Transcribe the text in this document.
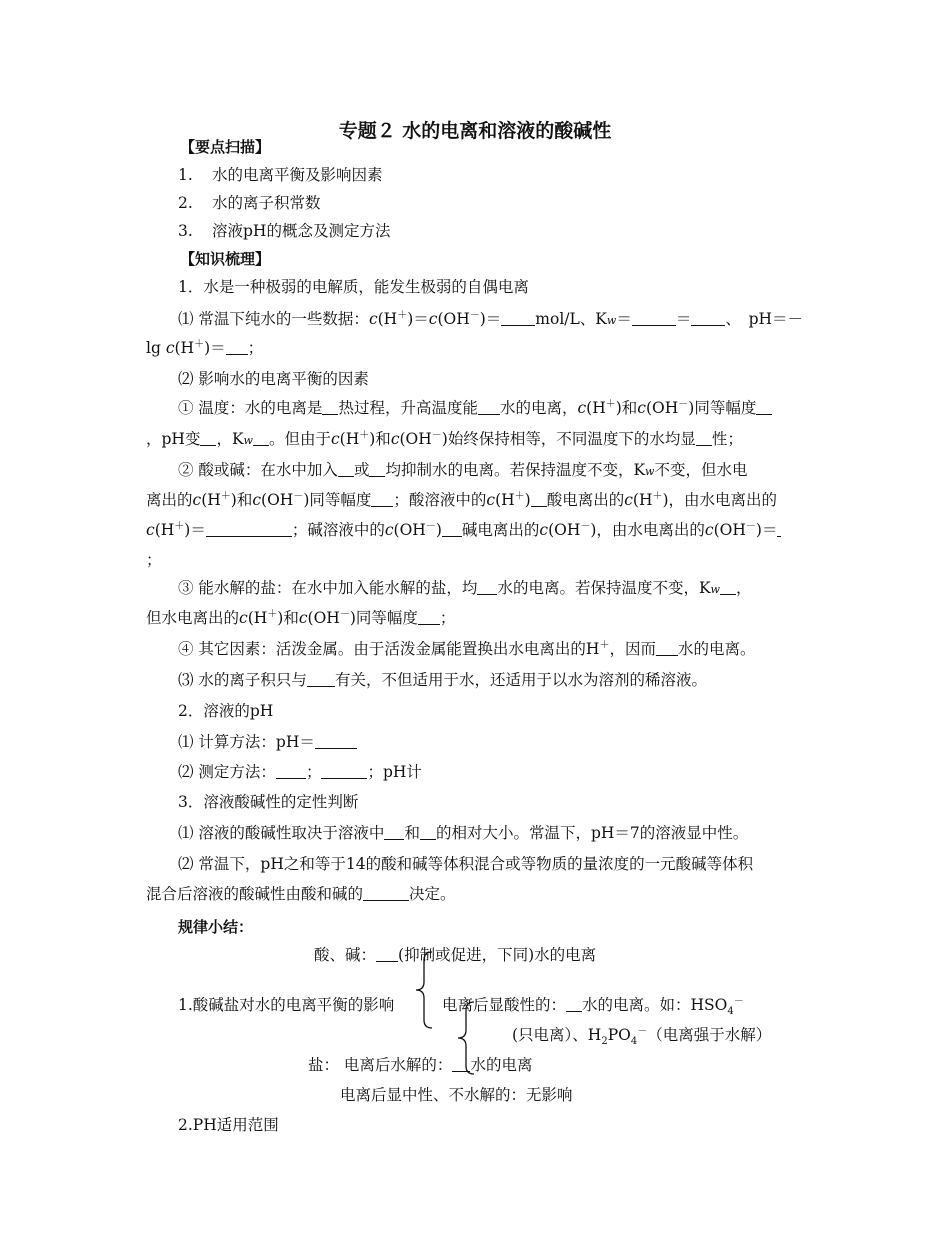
专题２ 水的电离和溶液的酸碱性
【要点扫描】
1. 水的电离平衡及影响因素
2. 水的离子积常数
3. 溶液pH的概念及测定方法
【知识梳理】
1．水是一种极弱的电解质，能发生极弱的自偶电离
⑴ 常温下纯水的一些数据：c(H＋)＝c(OH－)＝ mol/L、Kw＝	＝ 、　pH＝－
lg c(H＋)＝ ；
⑵ 影响水的电离平衡的因素
① 温度：水的电离是 热过程，升高温度能 水的电离，c(H＋)和c(OH－)同等幅度
，pH变 ，Kw 。但由于c(H＋)和c(OH－)始终保持相等，不同温度下的水均显 性；
② 酸或碱：在水中加入 或 均抑制水的电离。若保持温度不变，Kw不变，但水电
离出的c(H＋)和c(OH－)同等幅度 ；酸溶液中的c(H＋) 酸电离出的c(H＋)，由水电离出的
c(H＋)＝	；碱溶液中的c(OH－) 碱电离出的c(OH－)，由水电离出的c(OH－)＝
；
③ 能水解的盐：在水中加入能水解的盐，均 水的电离。若保持温度不变，Kw ，
但水电离出的c(H＋)和c(OH－)同等幅度 ；
④ 其它因素：活泼金属。由于活泼金属能置换出水电离出的H＋，因而 水的电离。
⑶ 水的离子积只与 有关，不但适用于水，还适用于以水为溶剂的稀溶液。
2．溶液的pH
⑴ 计算方法：pH＝
⑵ 测定方法： ；	；pH计
3．溶液酸碱性的定性判断
⑴ 溶液的酸碱性取决于溶液中 和 的相对大小。常温下，pH＝7的溶液显中性。
⑵ 常温下，pH之和等于14的酸和碱等体积混合或等物质的量浓度的一元酸碱等体积
混合后溶液的酸碱性由酸和碱的	决定。
规律小结：
酸、碱： (抑制或促进，下同)水的电离
1.酸碱盐对水的电离平衡的影响	电离后显酸性的： 水的电离。如：$HSO_4^-$
(只电离）、$H_2PO_4^-$（电离强于水解）
盐： 电离后水解的： 水的电离
电离后显中性、不水解的：无影响
2.PH适用范围
